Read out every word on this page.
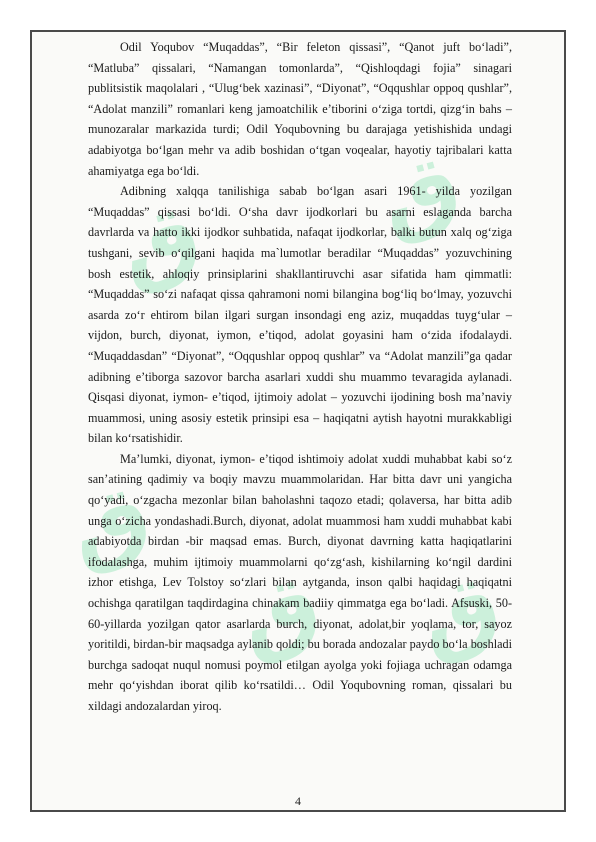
ق
ق
ق
ق
ق

Odil Yoqubov “Muqaddas”, “Bir feleton qissasi”, “Qanot juft bo‘ladi”, “Matluba” qissalari, “Namangan tomonlarda”, “Qishloqdagi fojia” sinagari publitsistik maqolalari , “Ulug‘bek xazinasi”, “Diyonat”, “Oqqushlar oppoq qushlar”, “Adolat manzili” romanlari keng jamoatchilik e’tiborini o‘ziga tortdi, qizg‘in bahs – munozaralar markazida turdi; Odil Yoqubovning bu darajaga yetishishida undagi adabiyotga bo‘lgan mehr va adib boshidan o‘tgan voqealar, hayotiy tajribalari katta ahamiyatga ega bo‘ldi.

Adibning xalqqa tanilishiga sabab bo‘lgan asari 1961- yilda yozilgan “Muqaddas” qissasi bo‘ldi. O‘sha davr ijodkorlari bu asarni eslaganda barcha davrlarda va hatto ikki ijodkor suhbatida, nafaqat ijodkorlar, balki butun xalq og‘ziga tushgani, sevib o‘qilgani haqida ma`lumotlar beradilar “Muqaddas” yozuvchining bosh estetik, ahloqiy prinsiplarini shakllantiruvchi asar sifatida ham qimmatli: “Muqaddas” so‘zi nafaqat qissa qahramoni nomi bilangina bog‘liq bo‘lmay, yozuvchi asarda zo‘r ehtirom bilan ilgari surgan insondagi eng aziz, muqaddas tuyg‘ular –vijdon, burch, diyonat, iymon, e’tiqod, adolat goyasini ham o‘zida ifodalaydi. “Muqaddasdan” “Diyonat”, “Oqqushlar oppoq qushlar” va “Adolat manzili”ga qadar adibning e’tiborga sazovor barcha asarlari xuddi shu muammo tevaragida aylanadi. Qisqasi diyonat, iymon- e’tiqod, ijtimoiy adolat – yozuvchi ijodining bosh ma’naviy muammosi, uning asosiy estetik prinsipi esa – haqiqatni aytish hayotni murakkabligi bilan ko‘rsatishidir.

Ma’lumki, diyonat, iymon- e’tiqod ishtimoiy adolat xuddi muhabbat kabi so‘z san’atining qadimiy va boqiy mavzu muammolaridan. Har bitta davr uni yangicha qo‘yadi, o‘zgacha mezonlar bilan baholashni taqozo etadi; qolaversa, har bitta adib unga o‘zicha yondashadi.Burch, diyonat, adolat muammosi ham xuddi muhabbat kabi adabiyotda birdan -bir maqsad emas. Burch, diyonat davrning katta haqiqatlarini ifodalashga, muhim ijtimoiy muammolarni qo‘zg‘ash, kishilarning ko‘ngil dardini izhor etishga, Lev Tolstoy so‘zlari bilan aytganda, inson qalbi haqidagi haqiqatni ochishga qaratilgan taqdirdagina chinakam badiiy qimmatga ega bo‘ladi. Afsuski, 50-60-yillarda yozilgan qator asarlarda burch, diyonat, adolat,bir yoqlama, tor, sayoz yoritildi, birdan-bir maqsadga aylanib qoldi; bu borada andozalar paydo bo‘la boshladi burchga sadoqat nuqul nomusi poymol etilgan ayolga yoki fojiaga uchragan odamga mehr qo‘yishdan iborat qilib ko‘rsatildi… Odil Yoqubovning roman, qissalari bu xildagi andozalardan yiroq.

4
